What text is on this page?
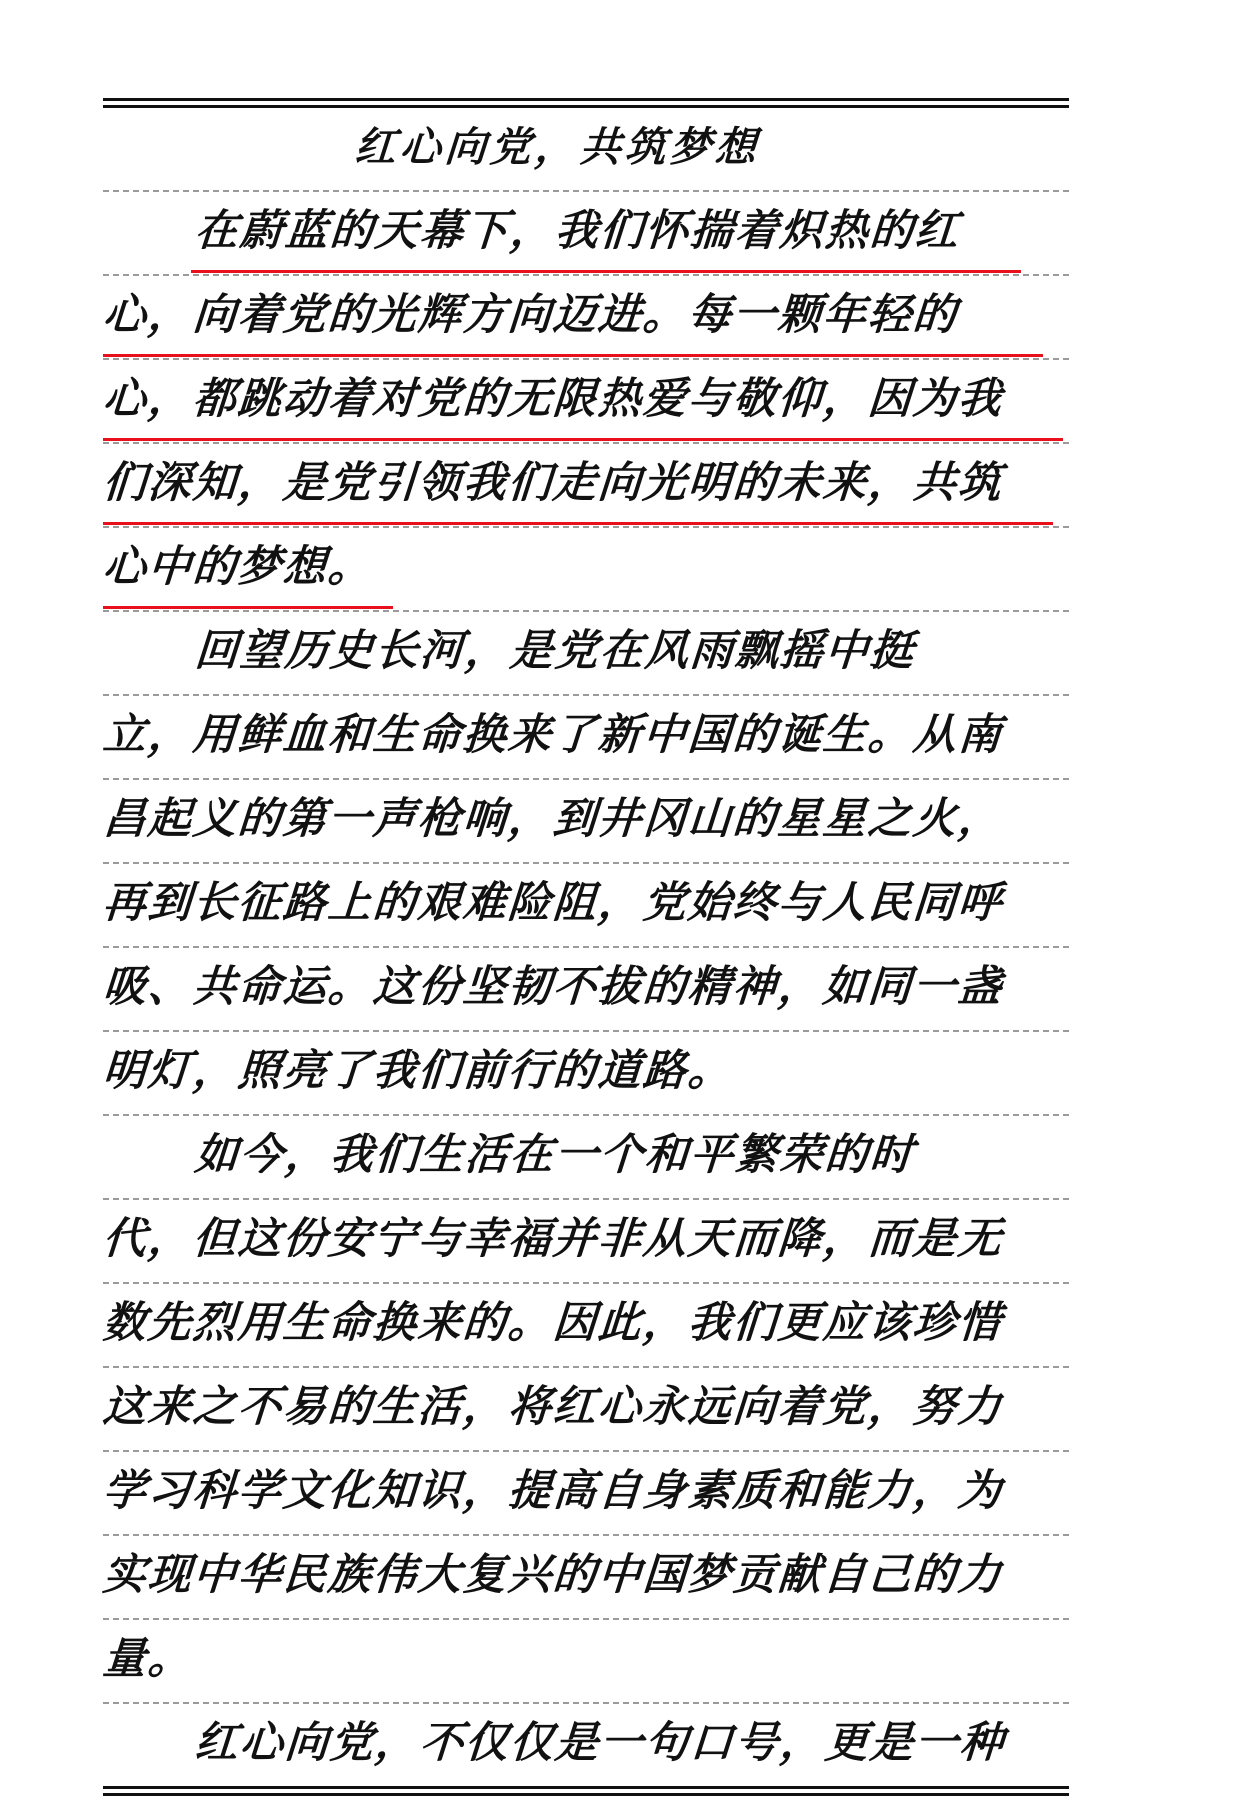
红心向党，共筑梦想
在蔚蓝的天幕下，我们怀揣着炽热的红
心，向着党的光辉方向迈进。每一颗年轻的
心，都跳动着对党的无限热爱与敬仰，因为我
们深知，是党引领我们走向光明的未来，共筑
心中的梦想。
回望历史长河，是党在风雨飘摇中挺
立，用鲜血和生命换来了新中国的诞生。从南
昌起义的第一声枪响，到井冈山的星星之火，
再到长征路上的艰难险阻，党始终与人民同呼
吸、共命运。这份坚韧不拔的精神，如同一盏
明灯，照亮了我们前行的道路。
如今，我们生活在一个和平繁荣的时
代，但这份安宁与幸福并非从天而降，而是无
数先烈用生命换来的。因此，我们更应该珍惜
这来之不易的生活，将红心永远向着党，努力
学习科学文化知识，提高自身素质和能力，为
实现中华民族伟大复兴的中国梦贡献自己的力
量。
红心向党，不仅仅是一句口号，更是一种
